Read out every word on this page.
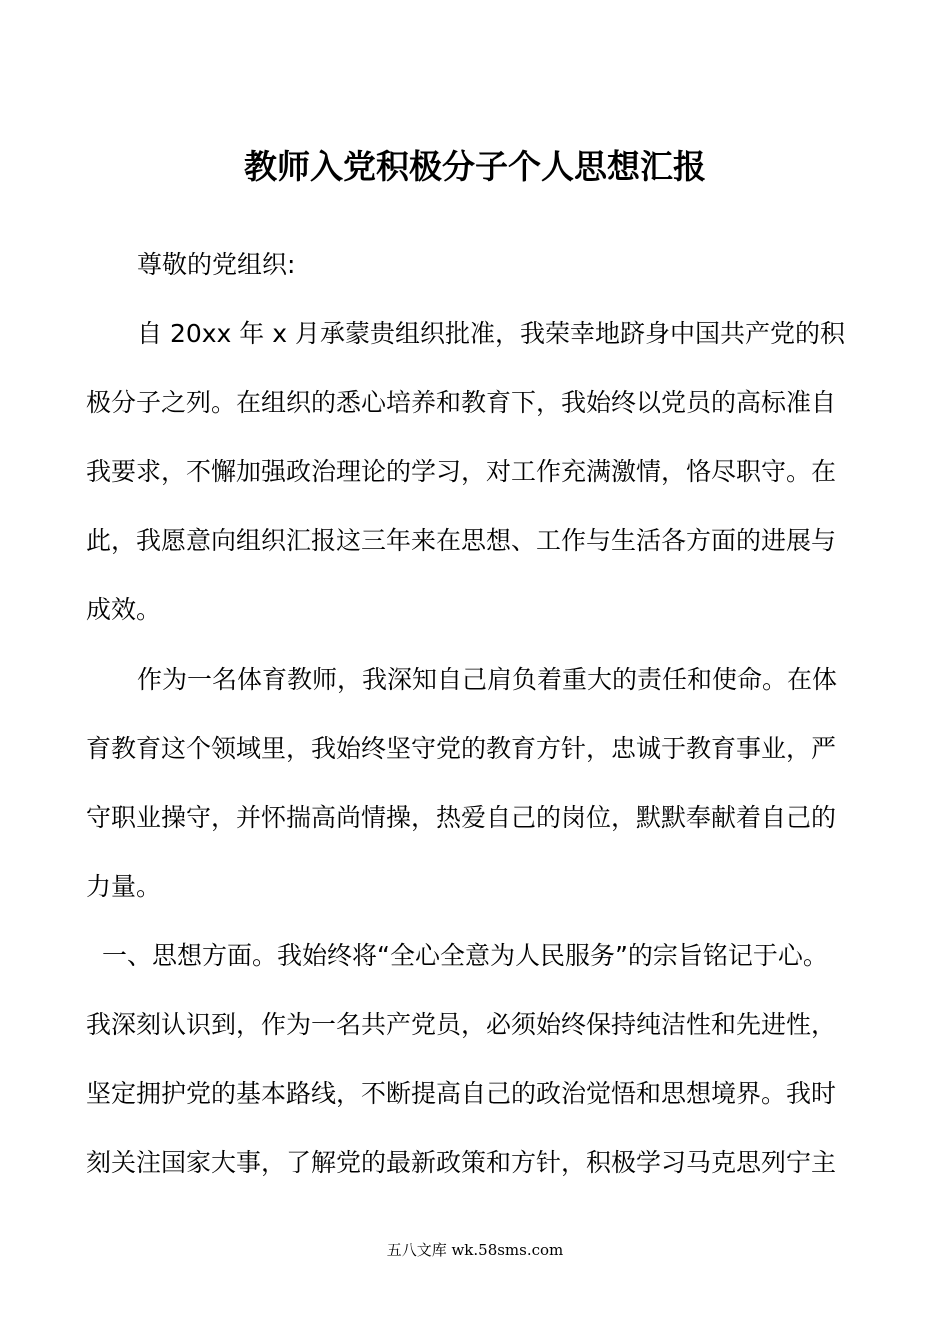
教师入党积极分子个人思想汇报

尊敬的党组织:

自 20xx 年 x 月承蒙贵组织批准，我荣幸地跻身中国共产党的积

极分子之列。在组织的悉心培养和教育下，我始终以党员的高标准自

我要求，不懈加强政治理论的学习，对工作充满激情，恪尽职守。在

此，我愿意向组织汇报这三年来在思想、工作与生活各方面的进展与

成效。

作为一名体育教师，我深知自己肩负着重大的责任和使命。在体

育教育这个领域里，我始终坚守党的教育方针，忠诚于教育事业，严

守职业操守，并怀揣高尚情操，热爱自己的岗位，默默奉献着自己的

力量。

一、思想方面。我始终将“全心全意为人民服务”的宗旨铭记于心。

我深刻认识到，作为一名共产党员，必须始终保持纯洁性和先进性，

坚定拥护党的基本路线，不断提高自己的政治觉悟和思想境界。我时

刻关注国家大事，了解党的最新政策和方针，积极学习马克思列宁主

五八文库 wk.58sms.com
